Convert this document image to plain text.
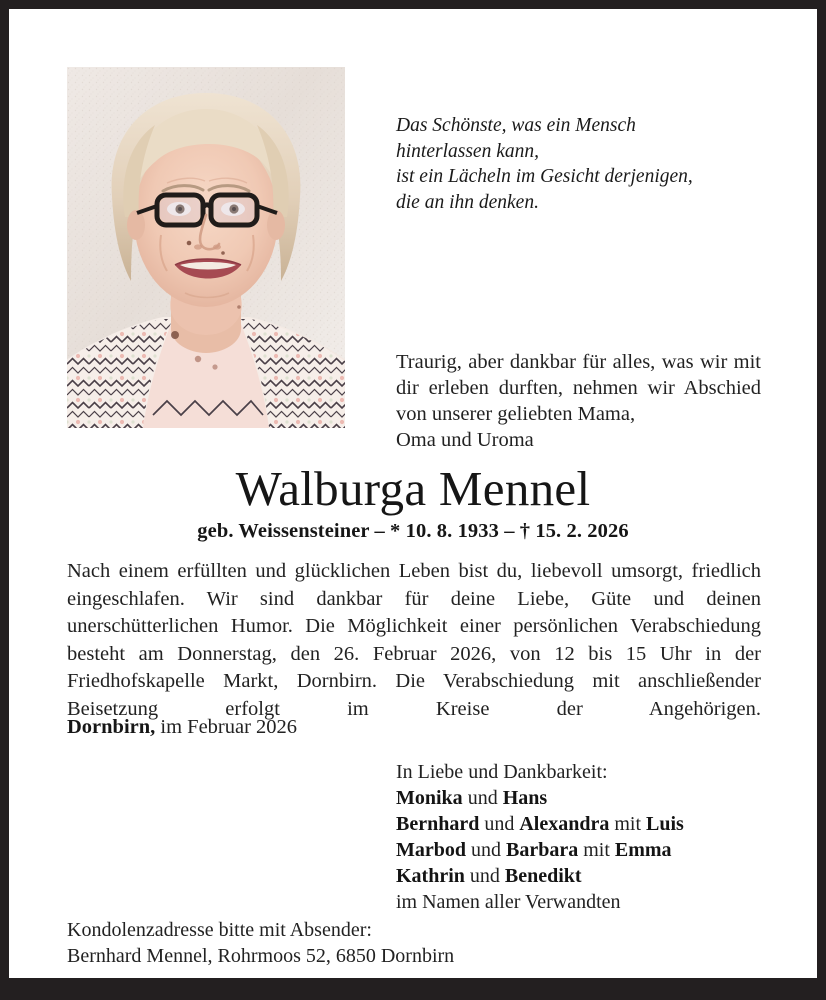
Das Schönste, was ein Mensch
hinterlassen kann,
ist ein Lächeln im Gesicht derjenigen,
die an ihn denken.
Traurig, aber dankbar für alles, was wir mit dir erleben durften, nehmen wir Abschied von unserer geliebten Mama,
Oma und Uroma
Walburga Mennel
geb. Weissensteiner – * 10. 8. 1933 – † 15. 2. 2026
Nach einem erfüllten und glücklichen Leben bist du, liebevoll umsorgt, friedlich eingeschlafen. Wir sind dankbar für deine Liebe, Güte und deinen unerschütterlichen Humor. Die Möglichkeit einer persönlichen Verabschiedung besteht am Donnerstag, den 26. Februar 2026, von 12 bis 15 Uhr in der Friedhofskapelle Markt, Dornbirn. Die Verabschiedung mit anschließender Beisetzung erfolgt im Kreise der Angehörigen.
Dornbirn, im Februar 2026
In Liebe und Dankbarkeit:
Monika und Hans
Bernhard und Alexandra mit Luis
Marbod und Barbara mit Emma
Kathrin und Benedikt
im Namen aller Verwandten
Kondolenzadresse bitte mit Absender:
Bernhard Mennel, Rohrmoos 52, 6850 Dornbirn
